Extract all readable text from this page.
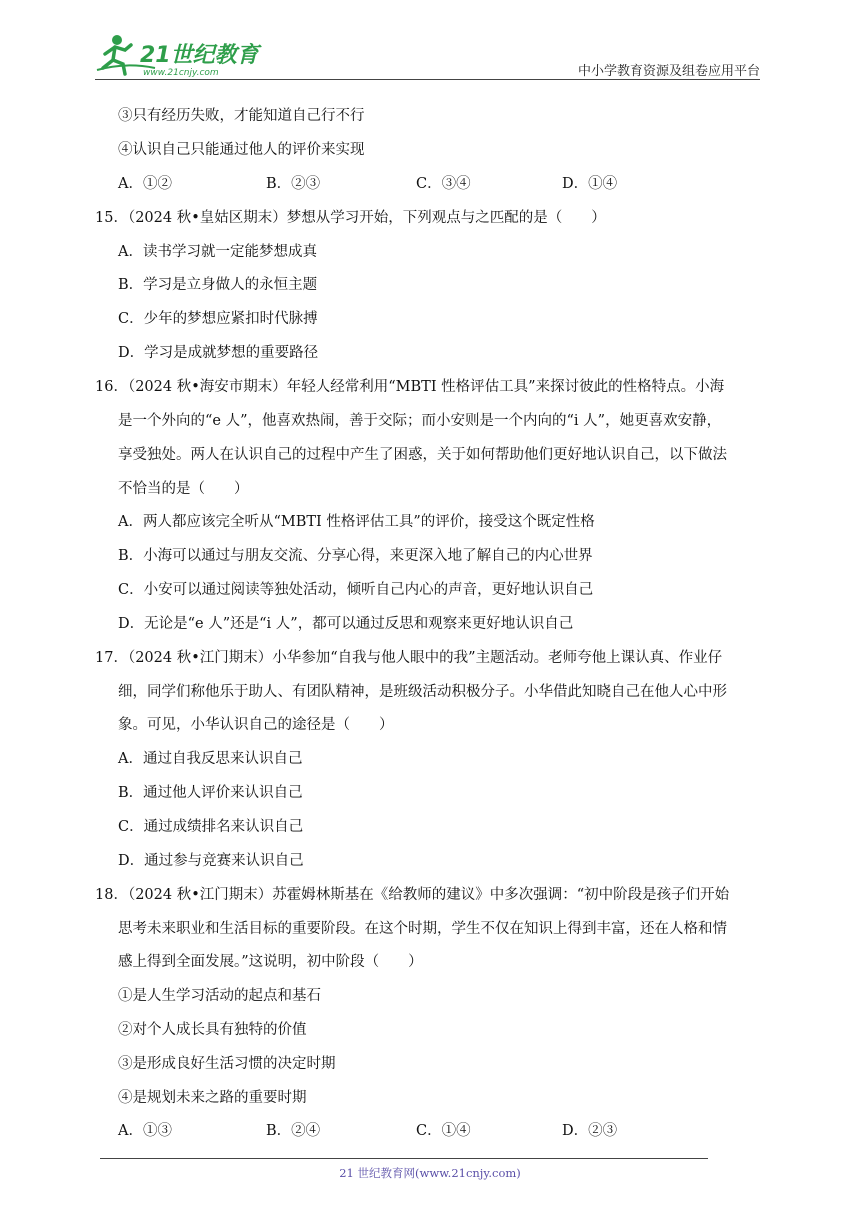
21世纪教育
www.21cnjy.com	中小学教育资源及组卷应用平台
③只有经历失败，才能知道自己行不行
④认识自己只能通过他人的评价来实现
A．①②	B．②③	C．③④	D．①④
15．（2024 秋•皇姑区期末）梦想从学习开始，下列观点与之匹配的是（　　）
A．读书学习就一定能梦想成真
B．学习是立身做人的永恒主题
C．少年的梦想应紧扣时代脉搏
D．学习是成就梦想的重要路径
16．（2024 秋•海安市期末）年轻人经常利用“MBTI 性格评估工具”来探讨彼此的性格特点。小海
是一个外向的“e 人”，他喜欢热闹，善于交际；而小安则是一个内向的“i 人”，她更喜欢安静，
享受独处。两人在认识自己的过程中产生了困惑，关于如何帮助他们更好地认识自己，以下做法
不恰当的是（　　）
A．两人都应该完全听从“MBTI 性格评估工具”的评价，接受这个既定性格
B．小海可以通过与朋友交流、分享心得，来更深入地了解自己的内心世界
C．小安可以通过阅读等独处活动，倾听自己内心的声音，更好地认识自己
D．无论是“e 人”还是“i 人”，都可以通过反思和观察来更好地认识自己
17．（2024 秋•江门期末）小华参加“自我与他人眼中的我”主题活动。老师夸他上课认真、作业仔
细，同学们称他乐于助人、有团队精神，是班级活动积极分子。小华借此知晓自己在他人心中形
象。可见，小华认识自己的途径是（　　）
A．通过自我反思来认识自己
B．通过他人评价来认识自己
C．通过成绩排名来认识自己
D．通过参与竞赛来认识自己
18．（2024 秋•江门期末）苏霍姆林斯基在《给教师的建议》中多次强调：“初中阶段是孩子们开始
思考未来职业和生活目标的重要阶段。在这个时期，学生不仅在知识上得到丰富，还在人格和情
感上得到全面发展。”这说明，初中阶段（　　）
①是人生学习活动的起点和基石
②对个人成长具有独特的价值
③是形成良好生活习惯的决定时期
④是规划未来之路的重要时期
A．①③	B．②④	C．①④	D．②③
21 世纪教育网(www.21cnjy.com)
